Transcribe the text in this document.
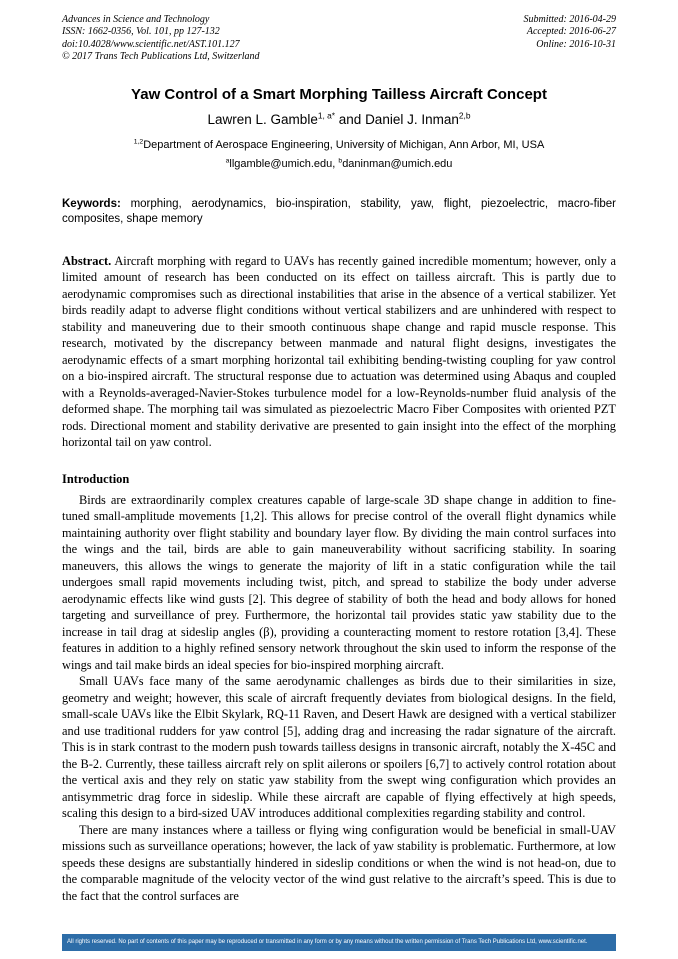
Advances in Science and Technology
ISSN: 1662-0356, Vol. 101, pp 127-132
doi:10.4028/www.scientific.net/AST.101.127
© 2017 Trans Tech Publications Ltd, Switzerland
Submitted: 2016-04-29
Accepted: 2016-06-27
Online: 2016-10-31
Yaw Control of a Smart Morphing Tailless Aircraft Concept
Lawren L. Gamble$^{1, a*}$ and Daniel J. Inman$^{2,b}$
$^{1,2}$Department of Aerospace Engineering, University of Michigan, Ann Arbor, MI, USA
$^a$llgamble@umich.edu, $^b$daninman@umich.edu
Keywords: morphing, aerodynamics, bio-inspiration, stability, yaw, flight, piezoelectric, macro-fiber composites, shape memory
Abstract. Aircraft morphing with regard to UAVs has recently gained incredible momentum; however, only a limited amount of research has been conducted on its effect on tailless aircraft. This is partly due to aerodynamic compromises such as directional instabilities that arise in the absence of a vertical stabilizer. Yet birds readily adapt to adverse flight conditions without vertical stabilizers and are unhindered with respect to stability and maneuvering due to their smooth continuous shape change and rapid muscle response. This research, motivated by the discrepancy between manmade and natural flight designs, investigates the aerodynamic effects of a smart morphing horizontal tail exhibiting bending-twisting coupling for yaw control on a bio-inspired aircraft. The structural response due to actuation was determined using Abaqus and coupled with a Reynolds-averaged-Navier-Stokes turbulence model for a low-Reynolds-number fluid analysis of the deformed shape. The morphing tail was simulated as piezoelectric Macro Fiber Composites with oriented PZT rods. Directional moment and stability derivative are presented to gain insight into the effect of the morphing horizontal tail on yaw control.
Introduction

Birds are extraordinarily complex creatures capable of large-scale 3D shape change in addition to fine-tuned small-amplitude movements [1,2]. This allows for precise control of the overall flight dynamics while maintaining authority over flight stability and boundary layer flow. By dividing the main control surfaces into the wings and the tail, birds are able to gain maneuverability without sacrificing stability. In soaring maneuvers, this allows the wings to generate the majority of lift in a static configuration while the tail undergoes small rapid movements including twist, pitch, and spread to stabilize the body under adverse aerodynamic effects like wind gusts [2]. This degree of stability of both the head and body allows for honed targeting and surveillance of prey. Furthermore, the horizontal tail provides static yaw stability due to the increase in tail drag at sideslip angles (β), providing a counteracting moment to restore rotation [3,4]. These features in addition to a highly refined sensory network throughout the skin used to inform the response of the wings and tail make birds an ideal species for bio-inspired morphing aircraft.

Small UAVs face many of the same aerodynamic challenges as birds due to their similarities in size, geometry and weight; however, this scale of aircraft frequently deviates from biological designs. In the field, small-scale UAVs like the Elbit Skylark, RQ-11 Raven, and Desert Hawk are designed with a vertical stabilizer and use traditional rudders for yaw control [5], adding drag and increasing the radar signature of the aircraft. This is in stark contrast to the modern push towards tailless designs in transonic aircraft, notably the X-45C and the B-2. Currently, these tailless aircraft rely on split ailerons or spoilers [6,7] to actively control rotation about the vertical axis and they rely on static yaw stability from the swept wing configuration which provides an antisymmetric drag force in sideslip. While these aircraft are capable of flying effectively at high speeds, scaling this design to a bird-sized UAV introduces additional complexities regarding stability and control.

There are many instances where a tailless or flying wing configuration would be beneficial in small-UAV missions such as surveillance operations; however, the lack of yaw stability is problematic. Furthermore, at low speeds these designs are substantially hindered in sideslip conditions or when the wind is not head-on, due to the comparable magnitude of the velocity vector of the wind gust relative to the aircraft’s speed. This is due to the fact that the control surfaces are

All rights reserved. No part of contents of this paper may be reproduced or transmitted in any form or by any means without the written permission of Trans Tech Publications Ltd, www.scientific.net.
